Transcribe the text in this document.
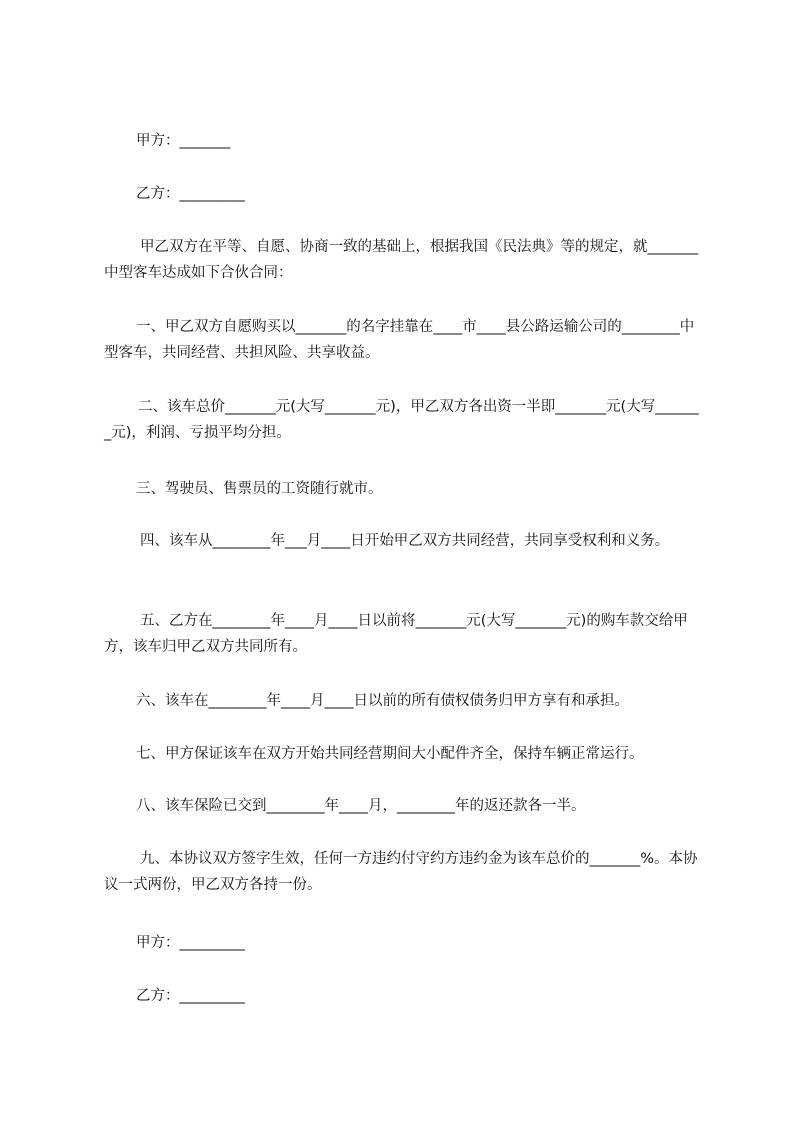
甲方：_______

乙方：_________

甲乙双方在平等、自愿、协商一致的基础上，根据我国《民法典》等的规定，就_______中型客车达成如下合伙合同：

一、甲乙双方自愿购买以_______的名字挂靠在____市____县公路运输公司的________中型客车，共同经营、共担风险、共享收益。

二、该车总价_______元(大写_______元)，甲乙双方各出资一半即_______元(大写_______元)，利润、亏损平均分担。

三、驾驶员、售票员的工资随行就市。

四、该车从________年___月____日开始甲乙双方共同经营，共同享受权利和义务。

五、乙方在________年____月____日以前将_______元(大写_______元)的购车款交给甲方，该车归甲乙双方共同所有。

六、该车在________年____月____日以前的所有债权债务归甲方享有和承担。

七、甲方保证该车在双方开始共同经营期间大小配件齐全，保持车辆正常运行。

八、该车保险已交到________年____月，________年的返还款各一半。

九、本协议双方签字生效，任何一方违约付守约方违约金为该车总价的_______%。本协议一式两份，甲乙双方各持一份。

甲方：_________

乙方：_________
